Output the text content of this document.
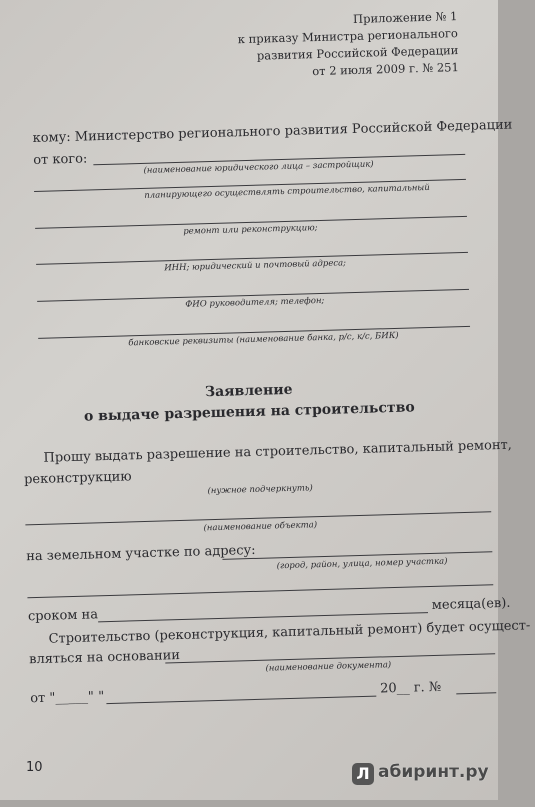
Приложение № 1
к приказу Министра регионального
развития Российской Федерации
от 2 июля 2009 г. № 251
кому: Министерство регионального развития Российской Федерации
от кого:	(наименование юридического лица – застройщик)
планирующего осуществлять строительство, капитальный
ремонт или реконструкцию;
ИНН; юридический и почтовый адреса;
ФИО руководителя; телефон;
банковские реквизиты (наименование банка, р/с, к/с, БИК)
Заявление
о выдаче разрешения на строительство
Прошу выдать разрешение на строительство, капитальный ремонт,
реконструкцию
(нужное подчеркнуть)
(наименование объекта)
на земельном участке по адресу: (город, район, улица, номер участка)
сроком на
месяца(ев).
Строительство (реконструкция, капитальный ремонт) будет осущест-
вляться на основании	(наименование документа)
от "_____" "
20__ г. №
10	Л абиринт.ру
